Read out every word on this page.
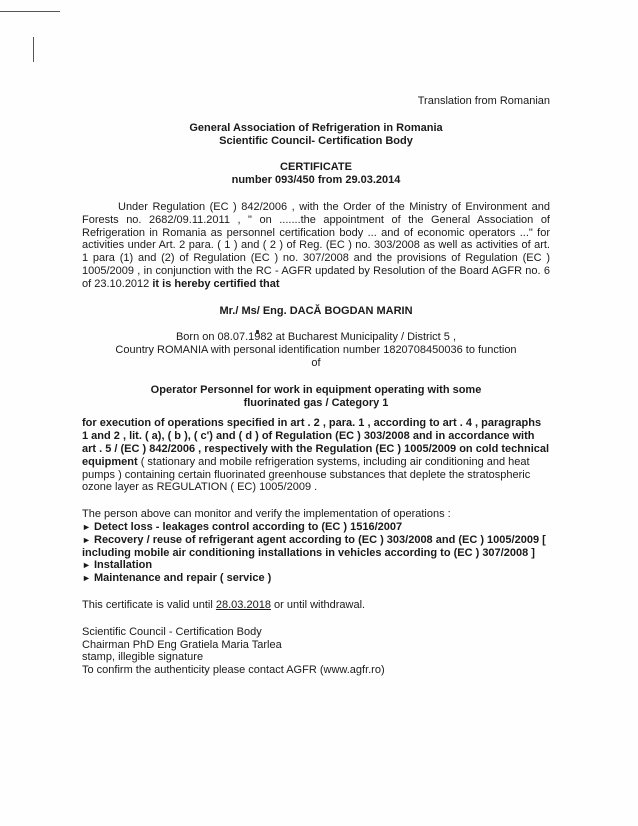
Translation from Romanian

General Association of Refrigeration in Romania

Scientific Council- Certification Body

CERTIFICATE

number 093/450 from 29.03.2014

Under Regulation (EC ) 842/2006 , with the Order of the Ministry of Environment and Forests no. 2682/09.11.2011 , " on .......the appointment of the General Association of Refrigeration in Romania as personnel certification body ... and of economic operators ..." for activities under Art. 2 para. ( 1 ) and ( 2 ) of Reg. (EC ) no. 303/2008 as well as activities of art. 1 para (1) and (2) of Regulation (EC ) no. 307/2008 and the provisions of Regulation (EC ) 1005/2009 , in conjunction with the RC - AGFR updated by Resolution of the Board AGFR no. 6 of 23.10.2012 it is hereby certified that

Mr./ Ms/ Eng. DACĂ BOGDAN MARIN

Born on 08.07.1982 at Bucharest Municipality / District 5 ,

Country ROMANIA with personal identification number 1820708450036 to function

of

Operator Personnel for work in equipment operating with some

fluorinated gas / Category 1

for execution of operations specified in art . 2 , para. 1 , according to art . 4 , paragraphs 1 and 2 , lit. ( a), ( b ), ( c') and ( d ) of Regulation (EC ) 303/2008 and in accordance with art . 5 / (EC ) 842/2006 , respectively with the Regulation (EC ) 1005/2009 on cold technical equipment ( stationary and mobile refrigeration systems, including air conditioning and heat pumps ) containing certain fluorinated greenhouse substances that deplete the stratospheric ozone layer as REGULATION ( EC) 1005/2009 .

The person above can monitor and verify the implementation of operations :

► Detect loss - leakages control according to (EC ) 1516/2007
► Recovery / reuse of refrigerant agent according to (EC ) 303/2008 and (EC ) 1005/2009 [ including mobile air conditioning installations in vehicles according to (EC ) 307/2008 ]
► Installation
► Maintenance and repair ( service )

This certificate is valid until 28.03.2018 or until withdrawal.

Scientific Council - Certification Body

Chairman PhD Eng Gratiela Maria Tarlea

stamp, illegible signature

To confirm the authenticity please contact AGFR (www.agfr.ro)
